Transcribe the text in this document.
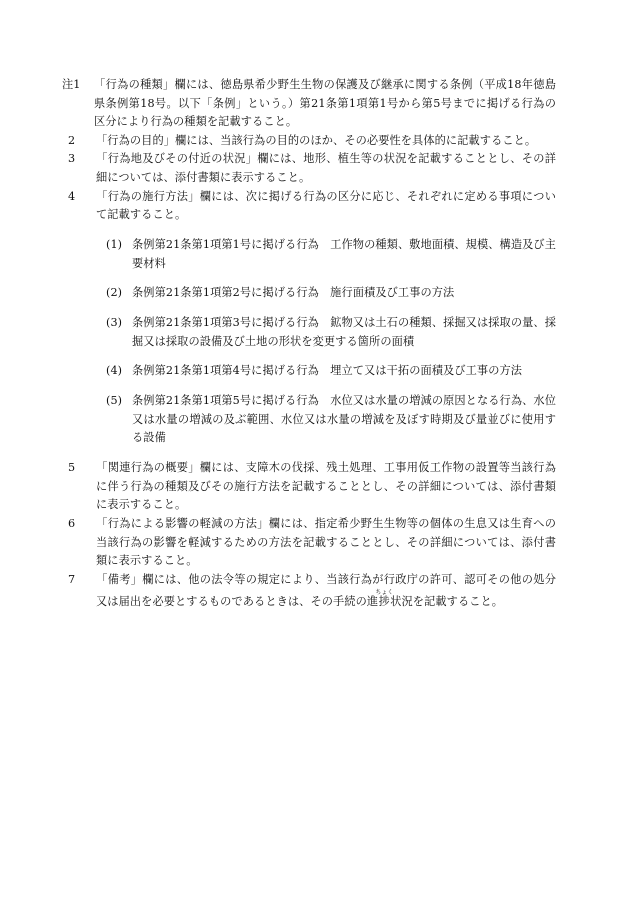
注1 「行為の種類」欄には、徳島県希少野生生物の保護及び継承に関する条例（平成18年徳島県条例第18号。以下「条例」という。）第21条第1項第1号から第5号までに掲げる行為の区分により行為の種類を記載すること。

2 「行為の目的」欄には、当該行為の目的のほか、その必要性を具体的に記載すること。

3 「行為地及びその付近の状況」欄には、地形、植生等の状況を記載することとし、その詳細については、添付書類に表示すること。

4 「行為の施行方法」欄には、次に掲げる行為の区分に応じ、それぞれに定める事項について記載すること。

(1) 条例第21条第1項第1号に掲げる行為　工作物の種類、敷地面積、規模、構造及び主要材料

(2) 条例第21条第1項第2号に掲げる行為　施行面積及び工事の方法

(3) 条例第21条第1項第3号に掲げる行為　鉱物又は土石の種類、採掘又は採取の量、採掘又は採取の設備及び土地の形状を変更する箇所の面積

(4) 条例第21条第1項第4号に掲げる行為　埋立て又は干拓の面積及び工事の方法

(5) 条例第21条第1項第5号に掲げる行為　水位又は水量の増減の原因となる行為、水位又は水量の増減の及ぶ範囲、水位又は水量の増減を及ぼす時期及び量並びに使用する設備

5 「関連行為の概要」欄には、支障木の伐採、残土処理、工事用仮工作物の設置等当該行為に伴う行為の種類及びその施行方法を記載することとし、その詳細については、添付書類に表示すること。

6 「行為による影響の軽減の方法」欄には、指定希少野生生物等の個体の生息又は生育への当該行為の影響を軽減するための方法を記載することとし、その詳細については、添付書類に表示すること。

7 「備考」欄には、他の法令等の規定により、当該行為が行政庁の許可、認可その他の処分又は届出を必要とするものであるときは、その手続の進捗ちょく状況を記載すること。
